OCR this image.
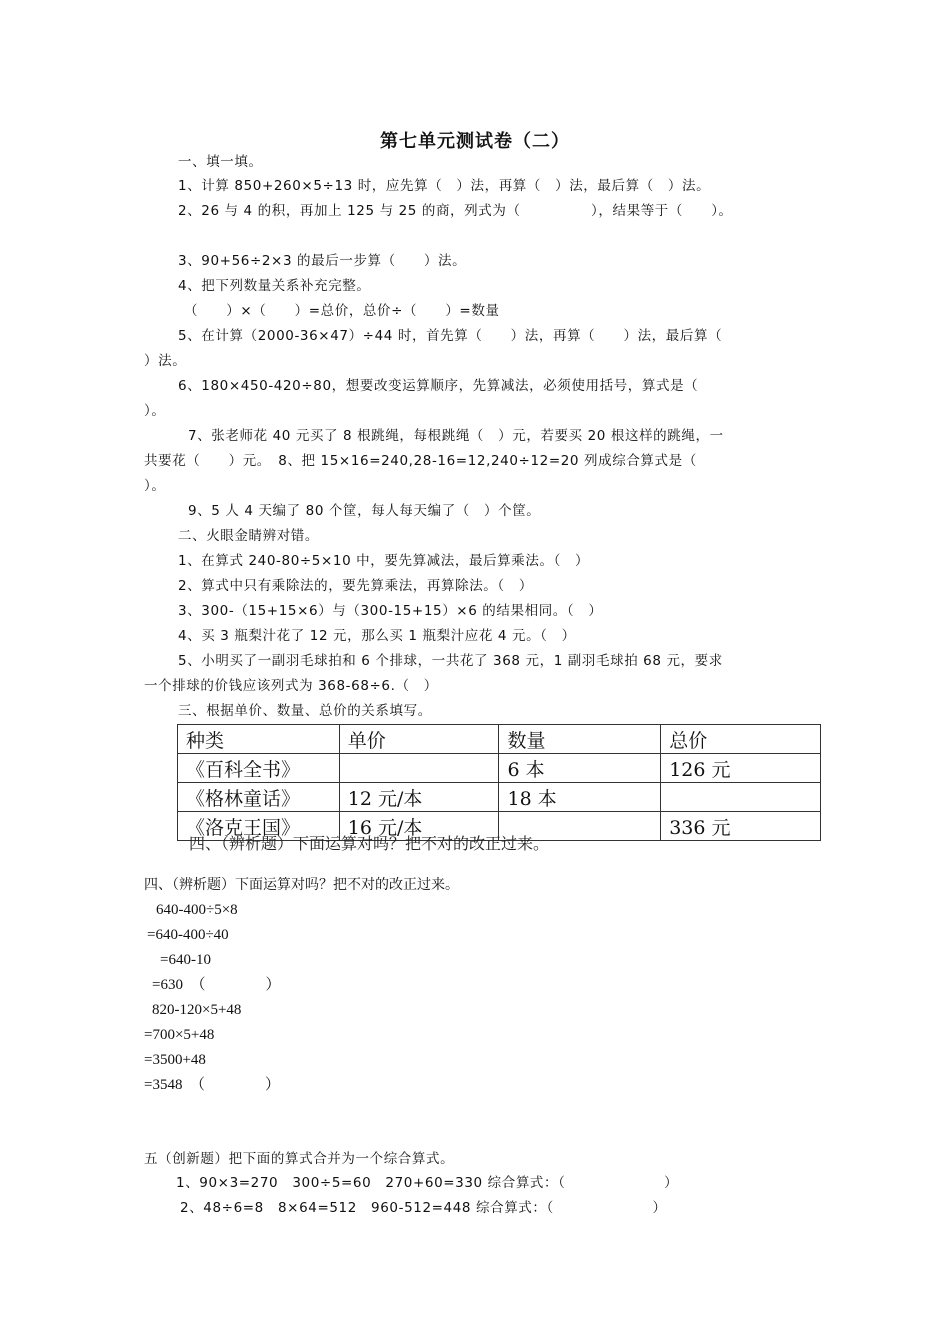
第七单元测试卷（二）
一、填一填。
1、计算 850+260×5÷13 时，应先算（　）法，再算（　）法，最后算（　）法。
2、26 与 4 的积，再加上 125 与 25 的商，列式为（　　　　　），结果等于（　　）。
3、90+56÷2×3 的最后一步算（　　）法。
4、把下列数量关系补充完整。
（　　）×（　　）=总价，总价÷（　　）=数量
5、在计算（2000-36×47）÷44 时，首先算（　　）法，再算（　　）法，最后算（
）法。
6、180×450-420÷80，想要改变运算顺序，先算减法，必须使用括号，算式是（
）。
7、张老师花 40 元买了 8 根跳绳，每根跳绳（　）元，若要买 20 根这样的跳绳，一
共要花（　　）元。　8、把 15×16=240,28-16=12,240÷12=20 列成综合算式是（
）。
9、5 人 4 天编了 80 个筐，每人每天编了（　）个筐。
二、火眼金睛辨对错。
1、在算式 240-80÷5×10 中，要先算减法，最后算乘法。（　）
2、算式中只有乘除法的，要先算乘法，再算除法。（　）
3、300-（15+15×6）与（300-15+15）×6 的结果相同。（　）
4、买 3 瓶梨汁花了 12 元，那么买 1 瓶梨汁应花 4 元。（　）
5、小明买了一副羽毛球拍和 6 个排球，一共花了 368 元，1 副羽毛球拍 68 元，要求
一个排球的价钱应该列式为 368-68÷6.（　）
三、根据单价、数量、总价的关系填写。
种类	单价	数量	总价
《百科全书》		6 本	126 元
《格林童话》	12 元/本	18 本	
《洛克王国》	16 元/本		336 元
四、（辨析题）下面运算对吗？把不对的改正过来。
四、（辨析题）下面运算对吗？把不对的改正过来。
640-400÷5×8
=640-400÷40
=640-10
=630　（　　　　）
820-120×5+48
=700×5+48
=3500+48
=3548　（　　　　）
五（创新题）把下面的算式合并为一个综合算式。
1、90×3=270　300÷5=60　270+60=330 综合算式：（　　　　　　　）
2、48÷6=8　8×64=512　960-512=448 综合算式：（　　　　　　　）
